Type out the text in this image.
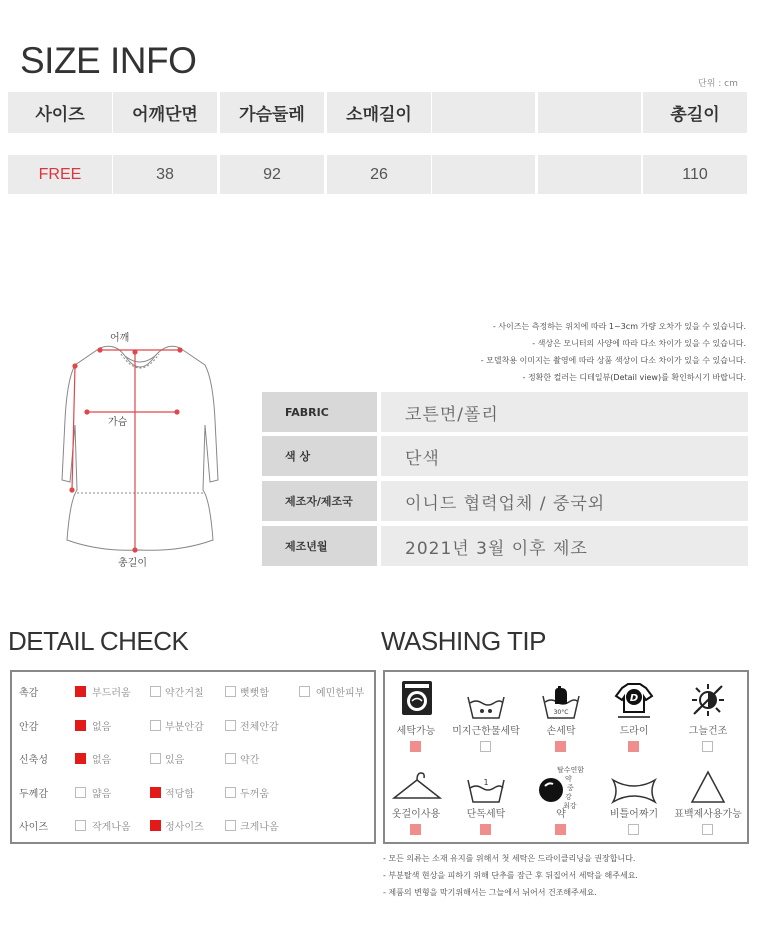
SIZE INFO
단위 : cm
사이즈	어깨단면	가슴둘레	소매길이	총길이
FREE	38	92	26	110
- 사이즈는 측정하는 위치에 따라 1~3cm 가량 오차가 있을 수 있습니다.
- 색상은 모니터의 사양에 따라 다소 차이가 있을 수 있습니다.
- 모델착용 이미지는 촬영에 따라 상품 색상이 다소 차이가 있을 수 있습니다.
- 정확한 컬러는 디테일뷰(Detail view)를 확인하시기 바랍니다.
어깨
가슴
총길이
FABRIC	코튼면/폴리
색 상	단색
제조자/제조국	이니드 협력업체 / 중국외
제조년월	2021년 3월 이후 제조
DETAIL CHECK
촉감	부드러움	약간거칠	뻣뻣함	예민한피부
안감	없음	부분안감	전체안감
신축성	없음	있음	약간
두께감	얇음	적당함	두꺼움
사이즈	작게나옴	정사이즈	크게나옴
WASHING TIP
30°C
D
1
탈수연함
약
중
강
최강
세탁가능	미지근한물세탁	손세탁	드라이	그늘건조
옷걸이사용	단독세탁	약	비틀어짜기	표백제사용가능
- 모든 의류는 소재 유지를 위해서 첫 세탁은 드라이클리닝을 권장합니다.
- 부분탈색 현상을 피하기 위해 단추를 잠근 후 뒤집어서 세탁을 해주세요.
- 제품의 변형을 막기위해서는 그늘에서 뉘어서 건조해주세요.
